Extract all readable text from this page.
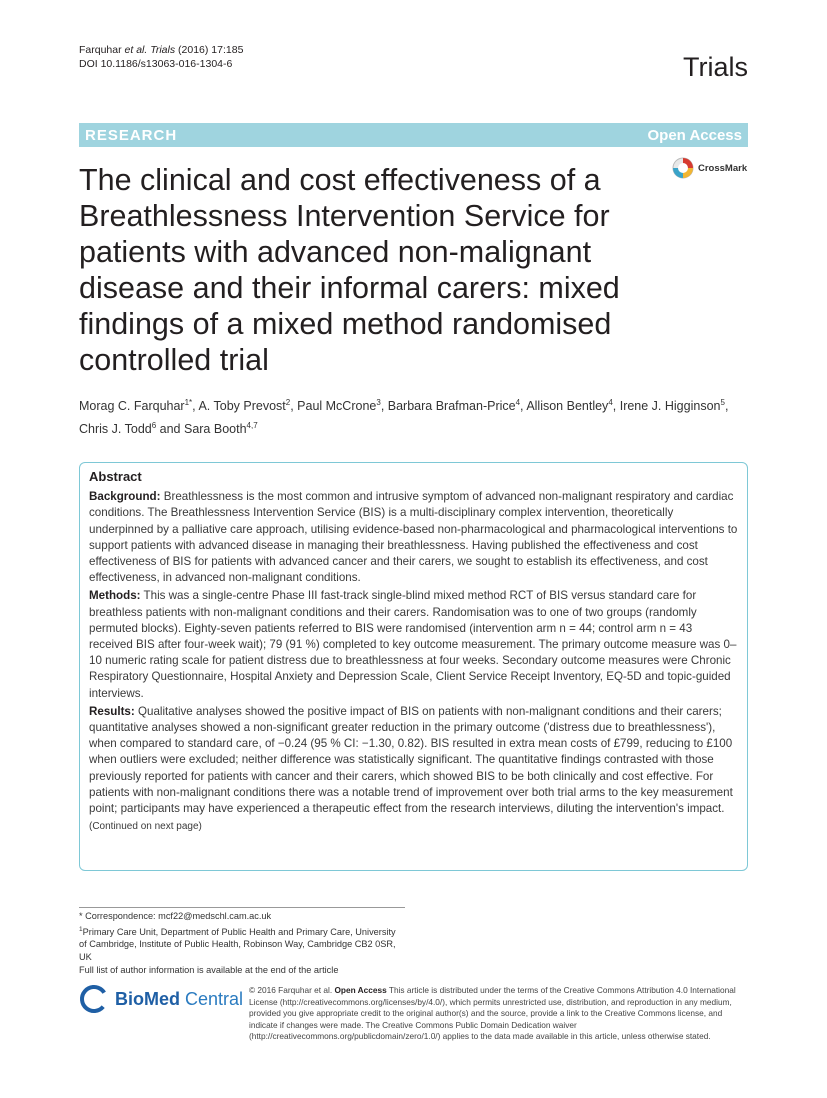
Farquhar et al. Trials (2016) 17:185
DOI 10.1186/s13063-016-1304-6	Trials
RESEARCH	Open Access
CrossMark
The clinical and cost effectiveness of a Breathlessness Intervention Service for patients with advanced non-malignant disease and their informal carers: mixed findings of a mixed method randomised controlled trial
Morag C. Farquhar$^{1*}$, A. Toby Prevost$^2$, Paul McCrone$^3$, Barbara Brafman-Price$^4$, Allison Bentley$^4$, Irene J. Higginson$^5$, Chris J. Todd$^6$ and Sara Booth$^{4,7}$
Abstract

Background: Breathlessness is the most common and intrusive symptom of advanced non-malignant respiratory and cardiac conditions. The Breathlessness Intervention Service (BIS) is a multi-disciplinary complex intervention, theoretically underpinned by a palliative care approach, utilising evidence-based non-pharmacological and pharmacological interventions to support patients with advanced disease in managing their breathlessness. Having published the effectiveness and cost effectiveness of BIS for patients with advanced cancer and their carers, we sought to establish its effectiveness, and cost effectiveness, in advanced non-malignant conditions.

Methods: This was a single-centre Phase III fast-track single-blind mixed method RCT of BIS versus standard care for breathless patients with non-malignant conditions and their carers. Randomisation was to one of two groups (randomly permuted blocks). Eighty-seven patients referred to BIS were randomised (intervention arm n = 44; control arm n = 43 received BIS after four-week wait); 79 (91 %) completed to key outcome measurement. The primary outcome measure was 0–10 numeric rating scale for patient distress due to breathlessness at four weeks. Secondary outcome measures were Chronic Respiratory Questionnaire, Hospital Anxiety and Depression Scale, Client Service Receipt Inventory, EQ-5D and topic-guided interviews.

Results: Qualitative analyses showed the positive impact of BIS on patients with non-malignant conditions and their carers; quantitative analyses showed a non-significant greater reduction in the primary outcome ('distress due to breathlessness'), when compared to standard care, of −0.24 (95 % CI: −1.30, 0.82). BIS resulted in extra mean costs of £799, reducing to £100 when outliers were excluded; neither difference was statistically significant. The quantitative findings contrasted with those previously reported for patients with cancer and their carers, which showed BIS to be both clinically and cost effective. For patients with non-malignant conditions there was a notable trend of improvement over both trial arms to the key measurement point; participants may have experienced a therapeutic effect from the research interviews, diluting the intervention's impact.

(Continued on next page)

* Correspondence: mcf22@medschl.cam.ac.uk

$^1$Primary Care Unit, Department of Public Health and Primary Care, University of Cambridge, Institute of Public Health, Robinson Way, Cambridge CB2 0SR, UK

Full list of author information is available at the end of the article

BioMed Central © 2016 Farquhar et al. Open Access This article is distributed under the terms of the Creative Commons Attribution 4.0 International License (http://creativecommons.org/licenses/by/4.0/), which permits unrestricted use, distribution, and reproduction in any medium, provided you give appropriate credit to the original author(s) and the source, provide a link to the Creative Commons license, and indicate if changes were made. The Creative Commons Public Domain Dedication waiver (http://creativecommons.org/publicdomain/zero/1.0/) applies to the data made available in this article, unless otherwise stated.
